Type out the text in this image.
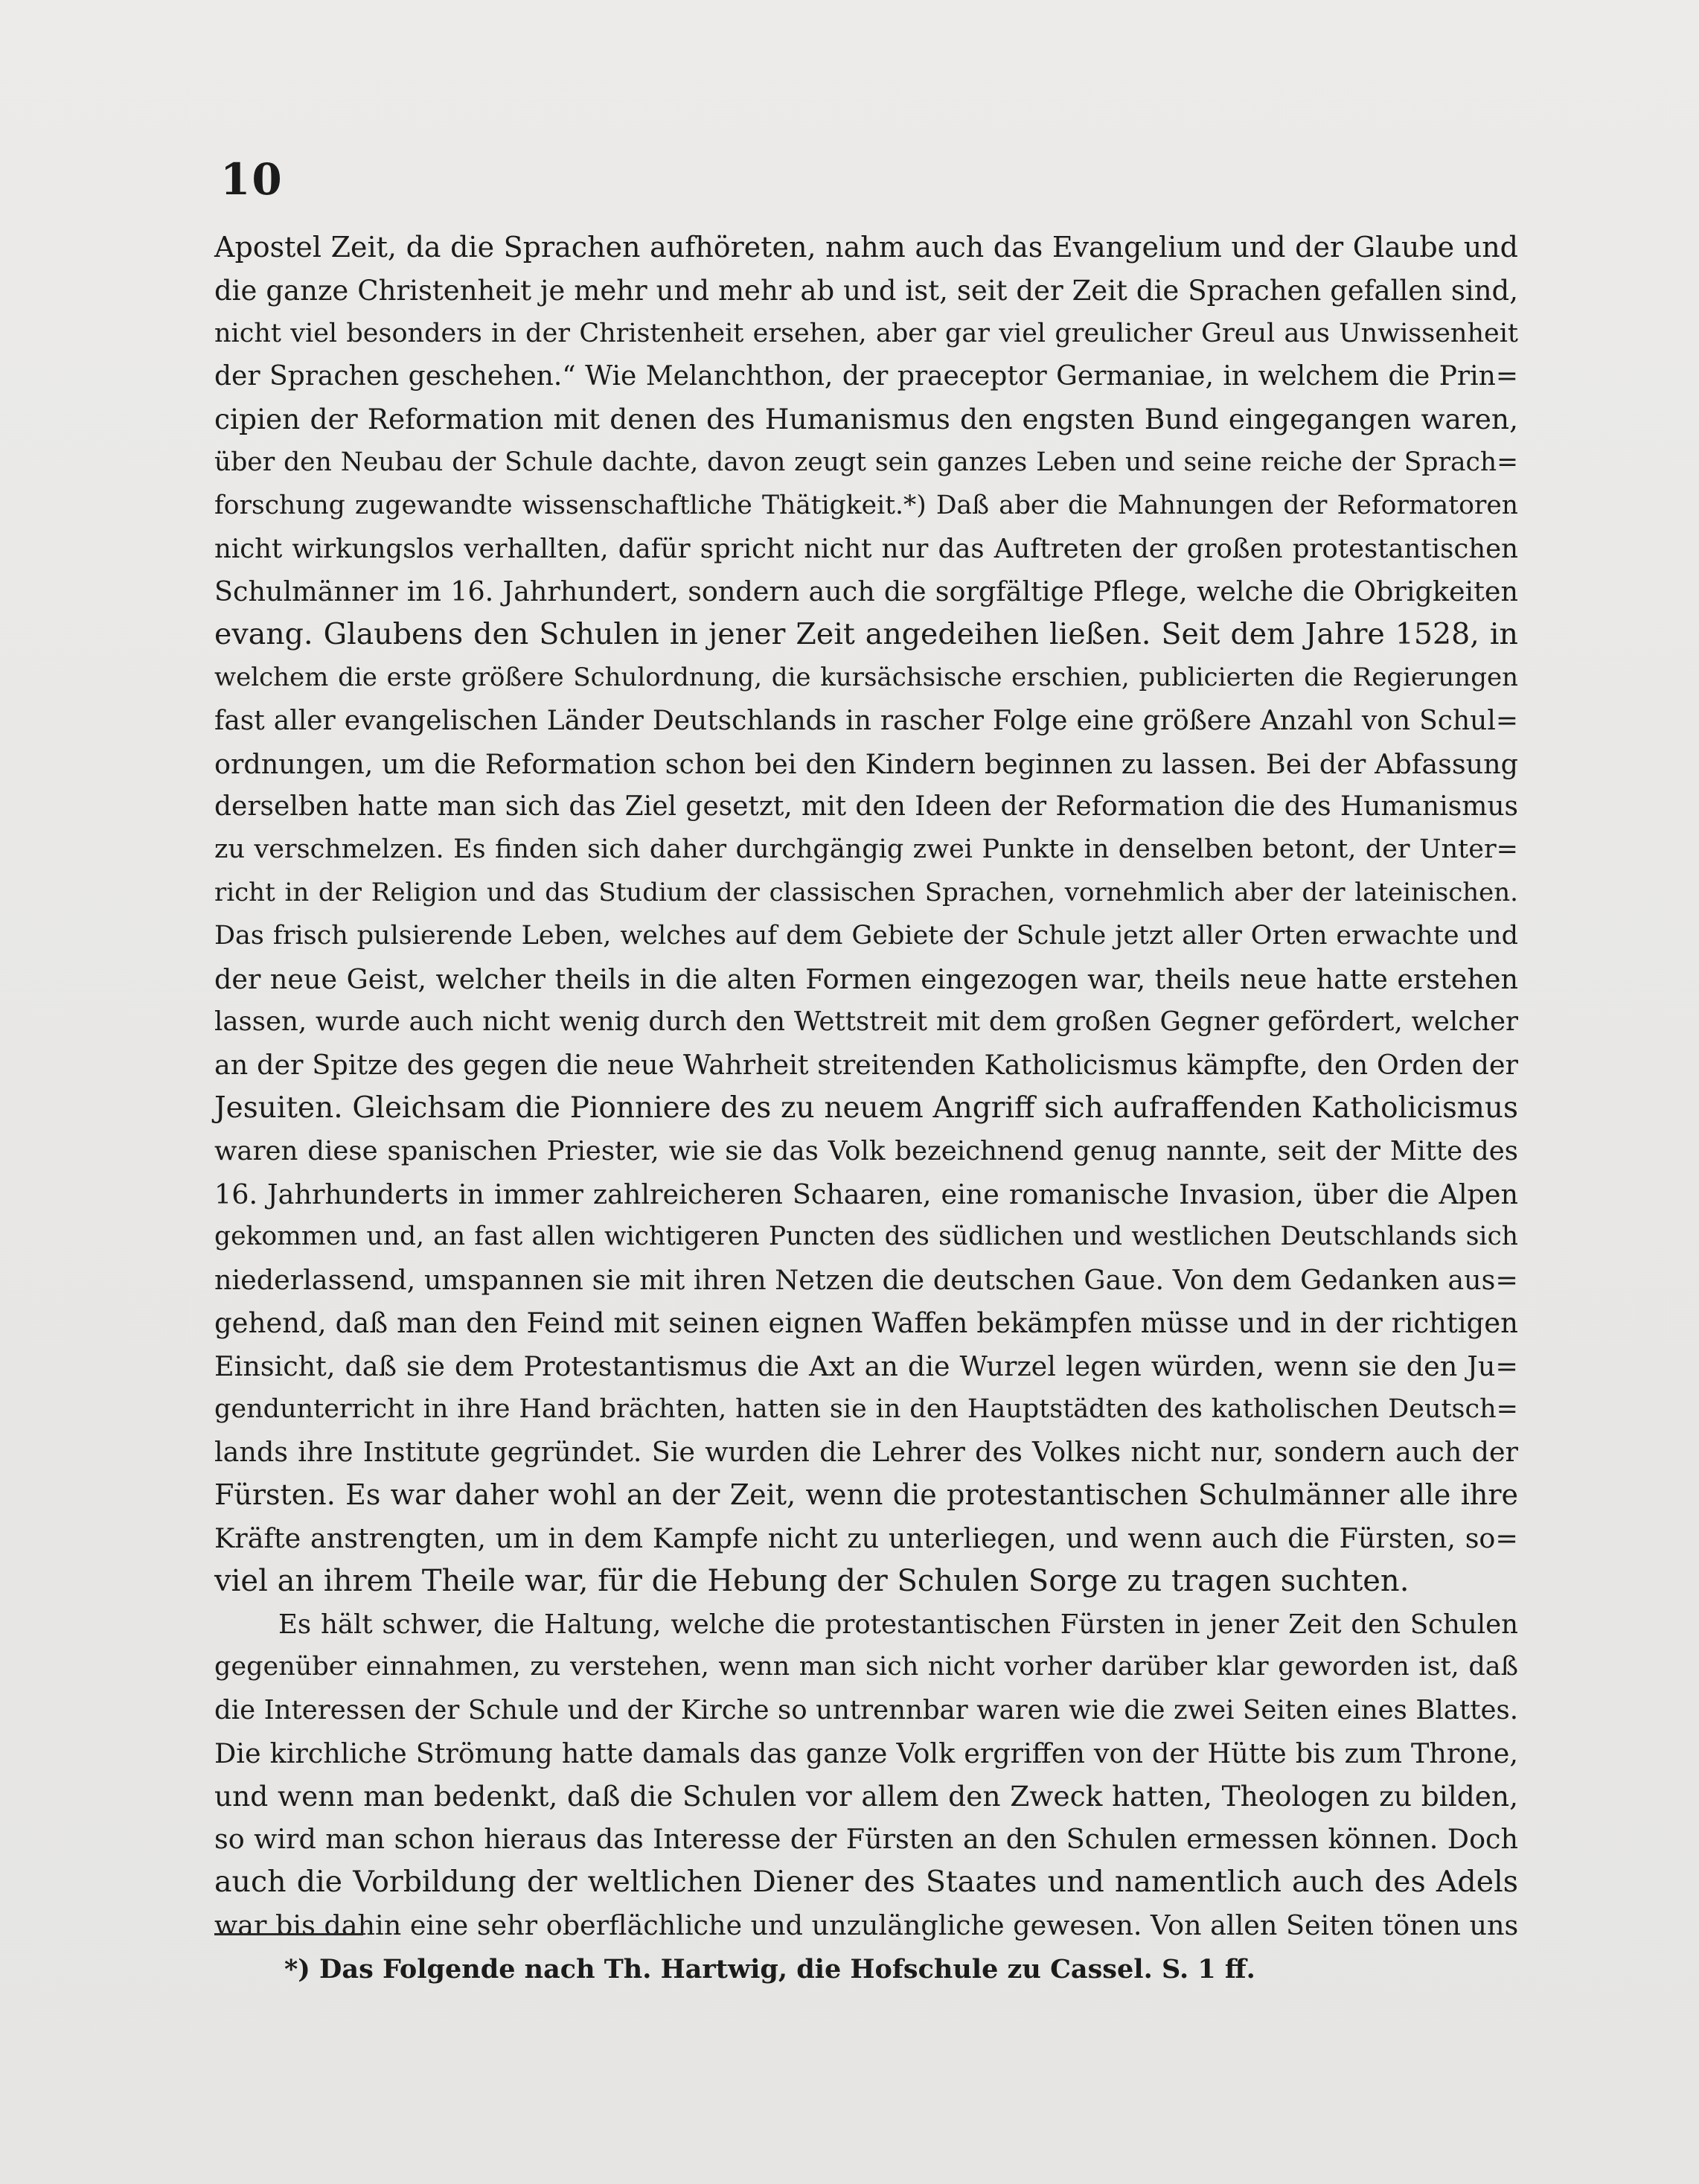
10
Apostel Zeit, da die Sprachen aufhöreten, nahm auch das Evangelium und der Glaube und
die ganze Christenheit je mehr und mehr ab und ist, seit der Zeit die Sprachen gefallen sind,
nicht viel besonders in der Christenheit ersehen, aber gar viel greulicher Greul aus Unwissenheit
der Sprachen geschehen.“ Wie Melanchthon, der praeceptor Germaniae, in welchem die Prin=
cipien der Reformation mit denen des Humanismus den engsten Bund eingegangen waren,
über den Neubau der Schule dachte, davon zeugt sein ganzes Leben und seine reiche der Sprach=
forschung zugewandte wissenschaftliche Thätigkeit.*) Daß aber die Mahnungen der Reformatoren
nicht wirkungslos verhallten, dafür spricht nicht nur das Auftreten der großen protestantischen
Schulmänner im 16. Jahrhundert, sondern auch die sorgfältige Pflege, welche die Obrigkeiten
evang. Glaubens den Schulen in jener Zeit angedeihen ließen. Seit dem Jahre 1528, in
welchem die erste größere Schulordnung, die kursächsische erschien, publicierten die Regierungen
fast aller evangelischen Länder Deutschlands in rascher Folge eine größere Anzahl von Schul=
ordnungen, um die Reformation schon bei den Kindern beginnen zu lassen. Bei der Abfassung
derselben hatte man sich das Ziel gesetzt, mit den Ideen der Reformation die des Humanismus
zu verschmelzen. Es finden sich daher durchgängig zwei Punkte in denselben betont, der Unter=
richt in der Religion und das Studium der classischen Sprachen, vornehmlich aber der lateinischen.
Das frisch pulsierende Leben, welches auf dem Gebiete der Schule jetzt aller Orten erwachte und
der neue Geist, welcher theils in die alten Formen eingezogen war, theils neue hatte erstehen
lassen, wurde auch nicht wenig durch den Wettstreit mit dem großen Gegner gefördert, welcher
an der Spitze des gegen die neue Wahrheit streitenden Katholicismus kämpfte, den Orden der
Jesuiten. Gleichsam die Pionniere des zu neuem Angriff sich aufraffenden Katholicismus
waren diese spanischen Priester, wie sie das Volk bezeichnend genug nannte, seit der Mitte des
16. Jahrhunderts in immer zahlreicheren Schaaren, eine romanische Invasion, über die Alpen
gekommen und, an fast allen wichtigeren Puncten des südlichen und westlichen Deutschlands sich
niederlassend, umspannen sie mit ihren Netzen die deutschen Gaue. Von dem Gedanken aus=
gehend, daß man den Feind mit seinen eignen Waffen bekämpfen müsse und in der richtigen
Einsicht, daß sie dem Protestantismus die Axt an die Wurzel legen würden, wenn sie den Ju=
gendunterricht in ihre Hand brächten, hatten sie in den Hauptstädten des katholischen Deutsch=
lands ihre Institute gegründet. Sie wurden die Lehrer des Volkes nicht nur, sondern auch der
Fürsten. Es war daher wohl an der Zeit, wenn die protestantischen Schulmänner alle ihre
Kräfte anstrengten, um in dem Kampfe nicht zu unterliegen, und wenn auch die Fürsten, so=
viel an ihrem Theile war, für die Hebung der Schulen Sorge zu tragen suchten.
Es hält schwer, die Haltung, welche die protestantischen Fürsten in jener Zeit den Schulen
gegenüber einnahmen, zu verstehen, wenn man sich nicht vorher darüber klar geworden ist, daß
die Interessen der Schule und der Kirche so untrennbar waren wie die zwei Seiten eines Blattes.
Die kirchliche Strömung hatte damals das ganze Volk ergriffen von der Hütte bis zum Throne,
und wenn man bedenkt, daß die Schulen vor allem den Zweck hatten, Theologen zu bilden,
so wird man schon hieraus das Interesse der Fürsten an den Schulen ermessen können. Doch
auch die Vorbildung der weltlichen Diener des Staates und namentlich auch des Adels
war bis dahin eine sehr oberflächliche und unzulängliche gewesen. Von allen Seiten tönen uns
*) Das Folgende nach Th. Hartwig, die Hofschule zu Cassel. S. 1 ff.
